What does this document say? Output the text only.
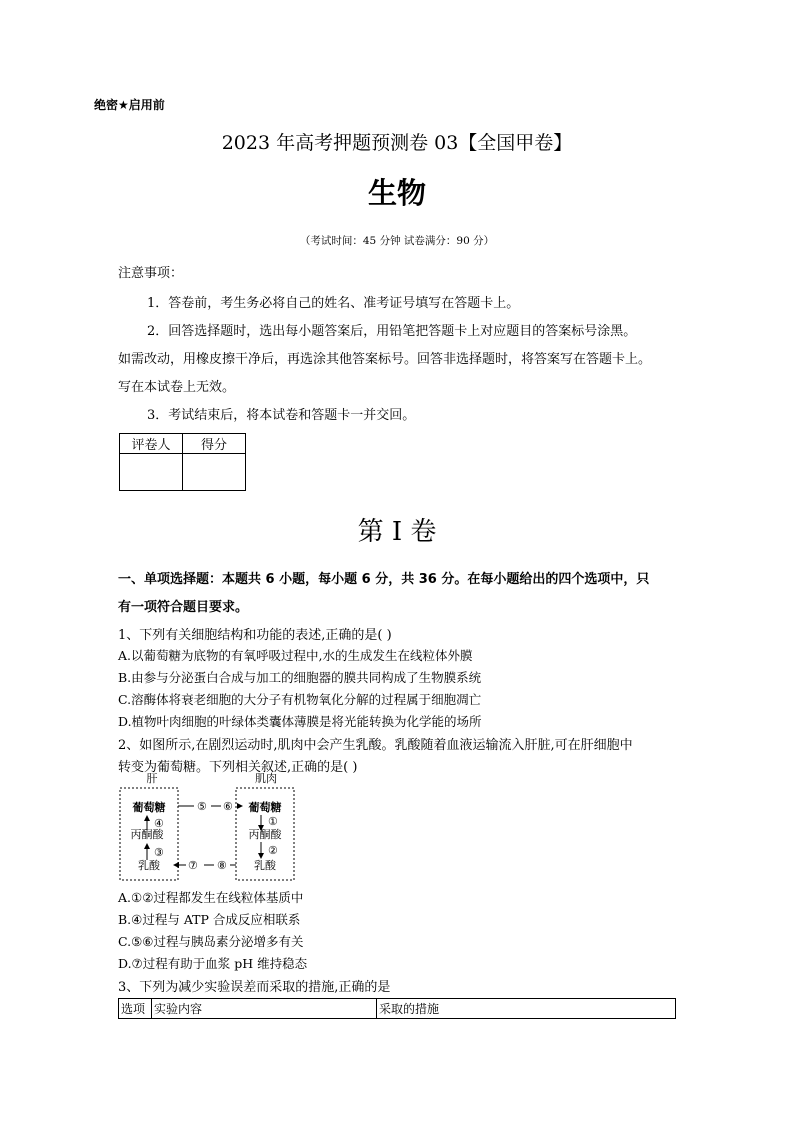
绝密★启用前
2023 年高考押题预测卷 03【全国甲卷】
生物
（考试时间：45 分钟 试卷满分：90 分）
注意事项：
1．答卷前，考生务必将自己的姓名、准考证号填写在答题卡上。
2．回答选择题时，选出每小题答案后，用铅笔把答题卡上对应题目的答案标号涂黑。
如需改动，用橡皮擦干净后，再选涂其他答案标号。回答非选择题时，将答案写在答题卡上。
写在本试卷上无效。
3．考试结束后，将本试卷和答题卡一并交回。
评卷人	得分

第 I 卷
一、单项选择题：本题共 6 小题，每小题 6 分，共 36 分。在每小题给出的四个选项中，只
有一项符合题目要求。
1、下列有关细胞结构和功能的表述,正确的是( )
A.以葡萄糖为底物的有氧呼吸过程中,水的生成发生在线粒体外膜
B.由参与分泌蛋白合成与加工的细胞器的膜共同构成了生物膜系统
C.溶酶体将衰老细胞的大分子有机物氧化分解的过程属于细胞凋亡
D.植物叶肉细胞的叶绿体类囊体薄膜是将光能转换为化学能的场所
2、如图所示,在剧烈运动时,肌肉中会产生乳酸。乳酸随着血液运输流入肝脏,可在肝细胞中
转变为葡萄糖。下列相关叙述,正确的是( )
肝	肌肉
葡萄糖
丙酮酸
乳酸
④
③
葡萄糖
丙酮酸
乳酸
①
②
⑤ ⑥
⑧
⑦
A.①②过程都发生在线粒体基质中
B.④过程与 ATP 合成反应相联系
C.⑤⑥过程与胰岛素分泌增多有关
D.⑦过程有助于血浆 pH 维持稳态
3、下列为减少实验误差而采取的措施,正确的是
选项	实验内容	采取的措施
